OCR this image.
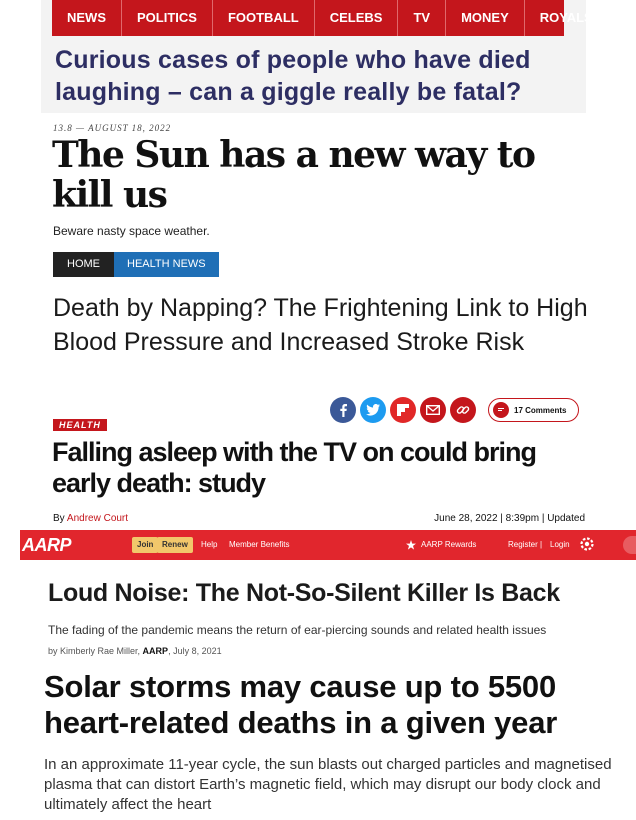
NEWS	POLITICS	FOOTBALL	CELEBS	TV	MONEY	ROYALS
Curious cases of people who have died laughing – can a giggle really be fatal?
13.8 — AUGUST 18, 2022
The Sun has a new way to kill us
Beware nasty space weather.
HOME	HEALTH NEWS
Death by Napping? The Frightening Link to High Blood Pressure and Increased Stroke Risk
17 Comments
HEALTH
Falling asleep with the TV on could bring early death: study
By Andrew Court	June 28, 2022 | 8:39pm | Updated
AARP	Join	Renew	Help Member Benefits	AARP Rewards	Register | Login
Loud Noise: The Not-So-Silent Killer Is Back
The fading of the pandemic means the return of ear-piercing sounds and related health issues
by Kimberly Rae Miller, AARP, July 8, 2021
Solar storms may cause up to 5500 heart-related deaths in a given year
In an approximate 11-year cycle, the sun blasts out charged particles and magnetised plasma that can distort Earth’s magnetic field, which may disrupt our body clock and ultimately affect the heart
